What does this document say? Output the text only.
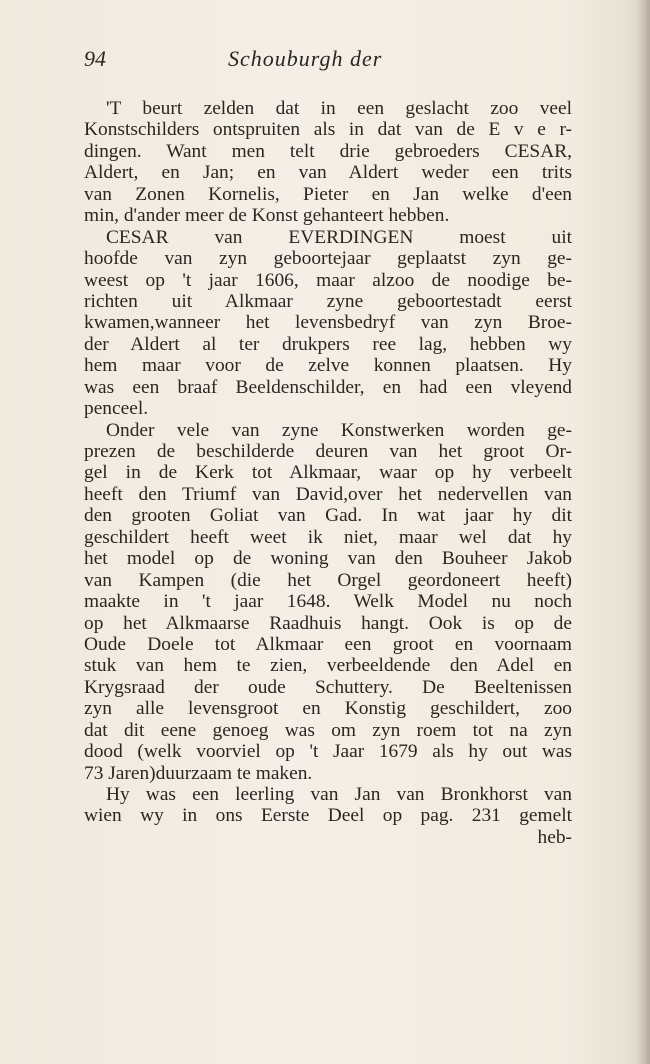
94	Schouburgh der
'T beurt zelden dat in een geslacht zoo veel
Konstschilders ontspruiten als in dat van de E v e r-
dingen. Want men telt drie gebroeders CESAR,
Aldert, en Jan; en van Aldert weder een trits
van Zonen Kornelis, Pieter en Jan welke d'een
min, d'ander meer de Konst gehanteert hebben.
CESAR van EVERDINGEN moest uit
hoofde van zyn geboortejaar geplaatst zyn ge-
weest op 't jaar 1606, maar alzoo de noodige be-
richten uit Alkmaar zyne geboortestadt eerst
kwamen,wanneer het levensbedryf van zyn Broe-
der Aldert al ter drukpers ree lag, hebben wy
hem maar voor de zelve konnen plaatsen. Hy
was een braaf Beeldenschilder, en had een vleyend
penceel.
Onder vele van zyne Konstwerken worden ge-
prezen de beschilderde deuren van het groot Or-
gel in de Kerk tot Alkmaar, waar op hy verbeelt
heeft den Triumf van David,over het nedervellen van
den grooten Goliat van Gad. In wat jaar hy dit
geschildert heeft weet ik niet, maar wel dat hy
het model op de woning van den Bouheer Jakob
van Kampen (die het Orgel geordoneert heeft)
maakte in 't jaar 1648. Welk Model nu noch
op het Alkmaarse Raadhuis hangt. Ook is op de
Oude Doele tot Alkmaar een groot en voornaam
stuk van hem te zien, verbeeldende den Adel en
Krygsraad der oude Schuttery. De Beeltenissen
zyn alle levensgroot en Konstig geschildert, zoo
dat dit eene genoeg was om zyn roem tot na zyn
dood (welk voorviel op 't Jaar 1679 als hy out was
73 Jaren)duurzaam te maken.
Hy was een leerling van Jan van Bronkhorst van
wien wy in ons Eerste Deel op pag. 231 gemelt
heb-
